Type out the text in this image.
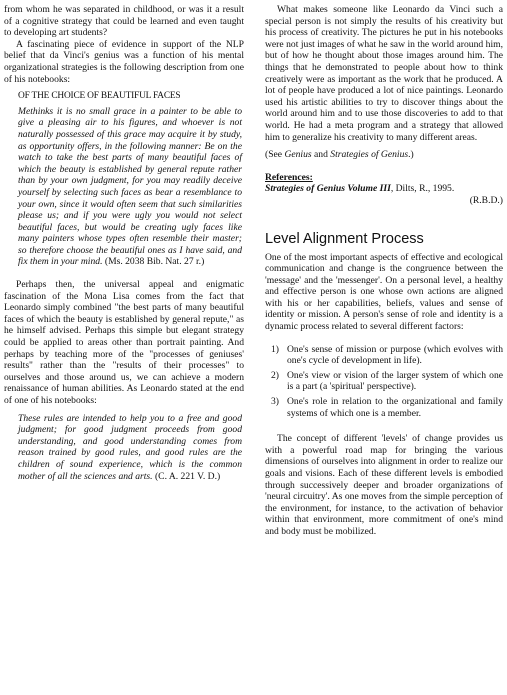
from whom he was separated in childhood, or was it a result of a cognitive strategy that could be learned and even taught to developing art students?

A fascinating piece of evidence in support of the NLP belief that da Vinci's genius was a function of his mental organizational strategies is the following description from one of his notebooks:

OF THE CHOICE OF BEAUTIFUL FACES

Methinks it is no small grace in a painter to be able to give a pleasing air to his figures, and whoever is not naturally possessed of this grace may acquire it by study, as opportunity offers, in the following manner: Be on the watch to take the best parts of many beautiful faces of which the beauty is established by general repute rather than by your own judgment, for you may readily deceive yourself by selecting such faces as bear a resemblance to your own, since it would often seem that such similarities please us; and if you were ugly you would not select beautiful faces, but would be creating ugly faces like many painters whose types often resemble their master; so therefore choose the beautiful ones as I have said, and fix them in your mind. (Ms. 2038 Bib. Nat. 27 r.)

Perhaps then, the universal appeal and enigmatic fascination of the Mona Lisa comes from the fact that Leonardo simply combined "the best parts of many beautiful faces of which the beauty is established by general repute," as he himself advised. Perhaps this simple but elegant strategy could be applied to areas other than portrait painting. And perhaps by teaching more of the "processes of geniuses' results" rather than the "results of their processes" to ourselves and those around us, we can achieve a modern renaissance of human abilities. As Leonardo stated at the end of one of his notebooks:

These rules are intended to help you to a free and good judgment; for good judgment proceeds from good understanding, and good understanding comes from reason trained by good rules, and good rules are the children of sound experience, which is the common mother of all the sciences and arts. (C. A. 221 V. D.)

What makes someone like Leonardo da Vinci such a special person is not simply the results of his creativity but his process of creativity. The pictures he put in his notebooks were not just images of what he saw in the world around him, but of how he thought about those images around him. The things that he demonstrated to people about how to think creatively were as important as the work that he produced. A lot of people have produced a lot of nice paintings. Leonardo used his artistic abilities to try to discover things about the world around him and to use those discoveries to add to that world. He had a meta program and a strategy that allowed him to generalize his creativity to many different areas.

(See Genius and Strategies of Genius.)

References:

Strategies of Genius Volume III, Dilts, R., 1995.

(R.B.D.)

Level Alignment Process

One of the most important aspects of effective and ecological communication and change is the congruence between the 'message' and the 'messenger'. On a personal level, a healthy and effective person is one whose own actions are aligned with his or her capabilities, beliefs, values and sense of identity or mission. A person's sense of role and identity is a dynamic process related to several different factors:

1) One's sense of mission or purpose (which evolves with one's cycle of development in life).
2) One's view or vision of the larger system of which one is a part (a 'spiritual' perspective).
3) One's role in relation to the organizational and family systems of which one is a member.

The concept of different 'levels' of change provides us with a powerful road map for bringing the various dimensions of ourselves into alignment in order to realize our goals and visions. Each of these different levels is embodied through successively deeper and broader organizations of 'neural circuitry'. As one moves from the simple perception of the environment, for instance, to the activation of behavior within that environment, more commitment of one's mind and body must be mobilized.
